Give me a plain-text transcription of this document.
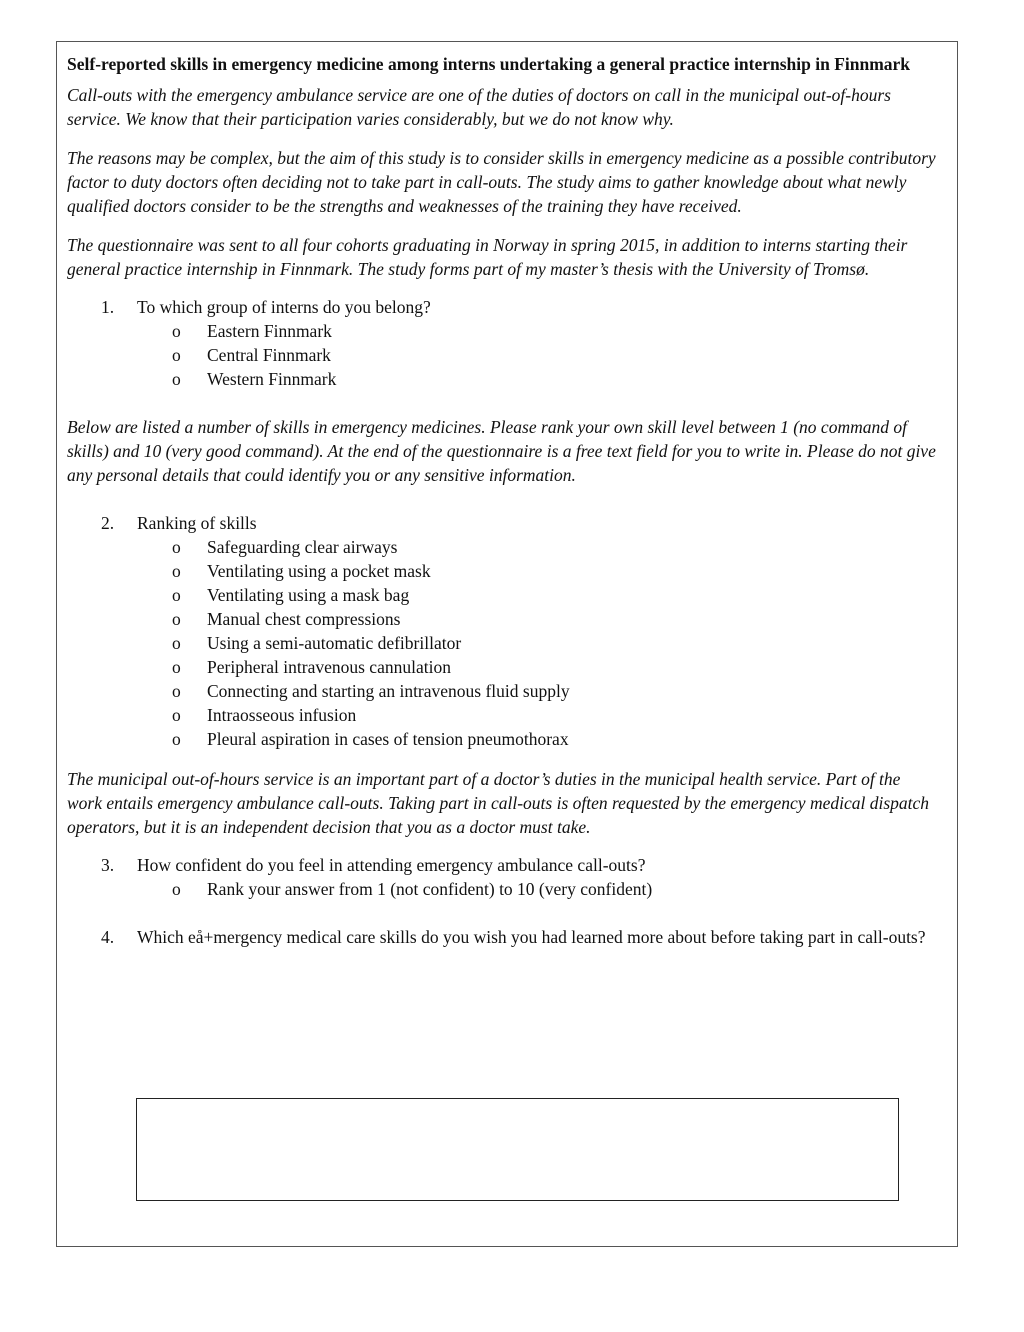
Self-reported skills in emergency medicine among interns undertaking a general practice internship in Finnmark

Call-outs with the emergency ambulance service are one of the duties of doctors on call in the municipal out-of-hours service. We know that their participation varies considerably, but we do not know why.

The reasons may be complex, but the aim of this study is to consider skills in emergency medicine as a possible contributory factor to duty doctors often deciding not to take part in call-outs. The study aims to gather knowledge about what newly qualified doctors consider to be the strengths and weaknesses of the training they have received.

The questionnaire was sent to all four cohorts graduating in Norway in spring 2015, in addition to interns starting their general practice internship in Finnmark. The study forms part of my master’s thesis with the University of Tromsø.

1.	To which group of interns do you belong?
o	Eastern Finnmark
o	Central Finnmark
o	Western Finnmark

Below are listed a number of skills in emergency medicines. Please rank your own skill level between 1 (no command of skills) and 10 (very good command). At the end of the questionnaire is a free text field for you to write in. Please do not give any personal details that could identify you or any sensitive information.

2.	Ranking of skills
o	Safeguarding clear airways
o	Ventilating using a pocket mask
o	Ventilating using a mask bag
o	Manual chest compressions
o	Using a semi-automatic defibrillator
o	Peripheral intravenous cannulation
o	Connecting and starting an intravenous fluid supply
o	Intraosseous infusion
o	Pleural aspiration in cases of tension pneumothorax

The municipal out-of-hours service is an important part of a doctor’s duties in the municipal health service. Part of the work entails emergency ambulance call-outs. Taking part in call-outs is often requested by the emergency medical dispatch operators, but it is an independent decision that you as a doctor must take.

3.	How confident do you feel in attending emergency ambulance call-outs?
o	Rank your answer from 1 (not confident) to 10 (very confident)
4.	Which eå+mergency medical care skills do you wish you had learned more about before taking part in call-outs?
